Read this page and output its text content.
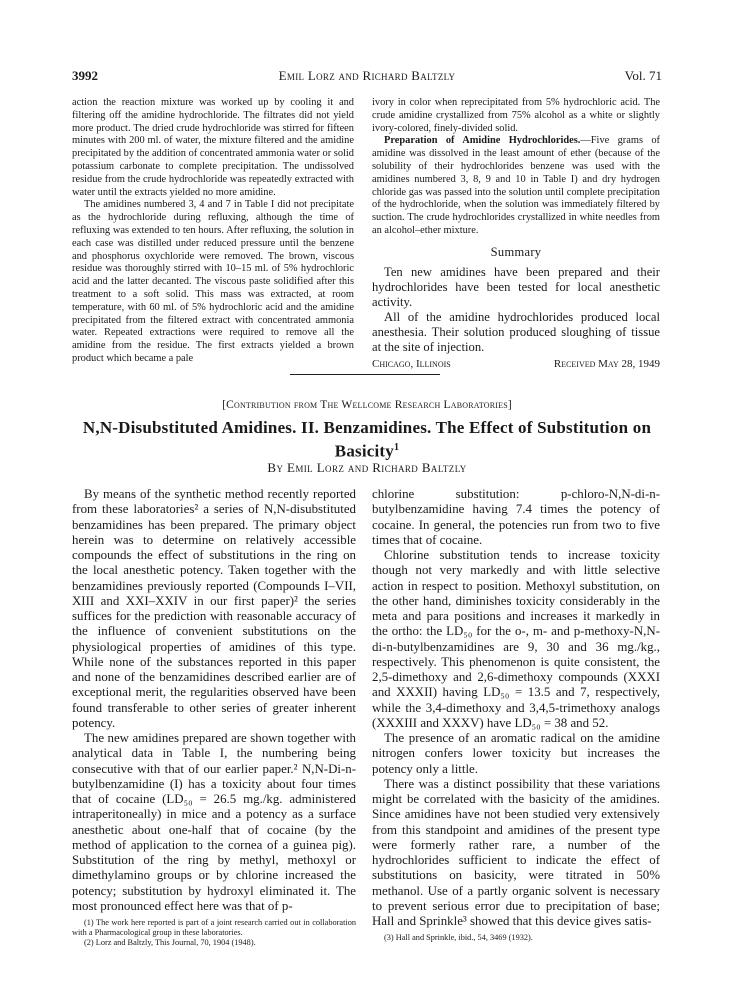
3992	Emil Lorz and Richard Baltzly	Vol. 71

action the reaction mixture was worked up by cooling it and filtering off the amidine hydrochloride. The filtrates did not yield more product. The dried crude hydrochloride was stirred for fifteen minutes with 200 ml. of water, the mixture filtered and the amidine precipitated by the addition of concentrated ammonia water or solid potassium carbonate to complete precipitation. The undissolved residue from the crude hydrochloride was repeatedly extracted with water until the extracts yielded no more amidine.

The amidines numbered 3, 4 and 7 in Table I did not precipitate as the hydrochloride during refluxing, although the time of refluxing was extended to ten hours. After refluxing, the solution in each case was distilled under reduced pressure until the benzene and phosphorus oxychloride were removed. The brown, viscous residue was thoroughly stirred with 10–15 ml. of 5% hydrochloric acid and the latter decanted. The viscous paste solidified after this treatment to a soft solid. This mass was extracted, at room temperature, with 60 ml. of 5% hydrochloric acid and the amidine precipitated from the filtered extract with concentrated ammonia water. Repeated extractions were required to remove all the amidine from the residue. The first extracts yielded a brown product which became a pale

ivory in color when reprecipitated from 5% hydrochloric acid. The crude amidine crystallized from 75% alcohol as a white or slightly ivory-colored, finely-divided solid.

Preparation of Amidine Hydrochlorides.—Five grams of amidine was dissolved in the least amount of ether (because of the solubility of their hydrochlorides benzene was used with the amidines numbered 3, 8, 9 and 10 in Table I) and dry hydrogen chloride gas was passed into the solution until complete precipitation of the hydrochloride, when the solution was immediately filtered by suction. The crude hydrochlorides crystallized in white needles from an alcohol–ether mixture.

Summary

Ten new amidines have been prepared and their hydrochlorides have been tested for local anesthetic activity.

All of the amidine hydrochlorides produced local anesthesia. Their solution produced sloughing of tissue at the site of injection.

Chicago, Illinois	Received May 28, 1949
[Contribution from The Wellcome Research Laboratories]
N,N-Disubstituted Amidines. II. Benzamidines. The Effect of Substitution on Basicity$^1$
By Emil Lorz and Richard Baltzly

By means of the synthetic method recently reported from these laboratories² a series of N,N-disubstituted benzamidines has been prepared. The primary object herein was to determine on relatively accessible compounds the effect of substitutions in the ring on the local anesthetic potency. Taken together with the benzamidines previously reported (Compounds I–VII, XIII and XXI–XXIV in our first paper)² the series suffices for the prediction with reasonable accuracy of the influence of convenient substitutions on the physiological properties of amidines of this type. While none of the substances reported in this paper and none of the benzamidines described earlier are of exceptional merit, the regularities observed have been found transferable to other series of greater inherent potency.

The new amidines prepared are shown together with analytical data in Table I, the numbering being consecutive with that of our earlier paper.² N,N-Di-n-butylbenzamidine (I) has a toxicity about four times that of cocaine (LD₅₀ = 26.5 mg./kg. administered intraperitoneally) in mice and a potency as a surface anesthetic about one-half that of cocaine (by the method of application to the cornea of a guinea pig). Substitution of the ring by methyl, methoxyl or dimethylamino groups or by chlorine increased the potency; substitution by hydroxyl eliminated it. The most pronounced effect here was that of p-

(1) The work here reported is part of a joint research carried out in collaboration with a Pharmacological group in these laboratories.

(2) Lorz and Baltzly, This Journal, 70, 1904 (1948).

chlorine substitution: p-chloro-N,N-di-n-butylbenzamidine having 7.4 times the potency of cocaine. In general, the potencies run from two to five times that of cocaine.

Chlorine substitution tends to increase toxicity though not very markedly and with little selective action in respect to position. Methoxyl substitution, on the other hand, diminishes toxicity considerably in the meta and para positions and increases it markedly in the ortho: the LD₅₀ for the o-, m- and p-methoxy-N,N-di-n-butylbenzamidines are 9, 30 and 36 mg./kg., respectively. This phenomenon is quite consistent, the 2,5-dimethoxy and 2,6-dimethoxy compounds (XXXI and XXXII) having LD₅₀ = 13.5 and 7, respectively, while the 3,4-dimethoxy and 3,4,5-trimethoxy analogs (XXXIII and XXXV) have LD₅₀ = 38 and 52.

The presence of an aromatic radical on the amidine nitrogen confers lower toxicity but increases the potency only a little.

There was a distinct possibility that these variations might be correlated with the basicity of the amidines. Since amidines have not been studied very extensively from this standpoint and amidines of the present type were formerly rather rare, a number of the hydrochlorides sufficient to indicate the effect of substitutions on basicity, were titrated in 50% methanol. Use of a partly organic solvent is necessary to prevent serious error due to precipitation of base; Hall and Sprinkle³ showed that this device gives satis-

(3) Hall and Sprinkle, ibid., 54, 3469 (1932).
